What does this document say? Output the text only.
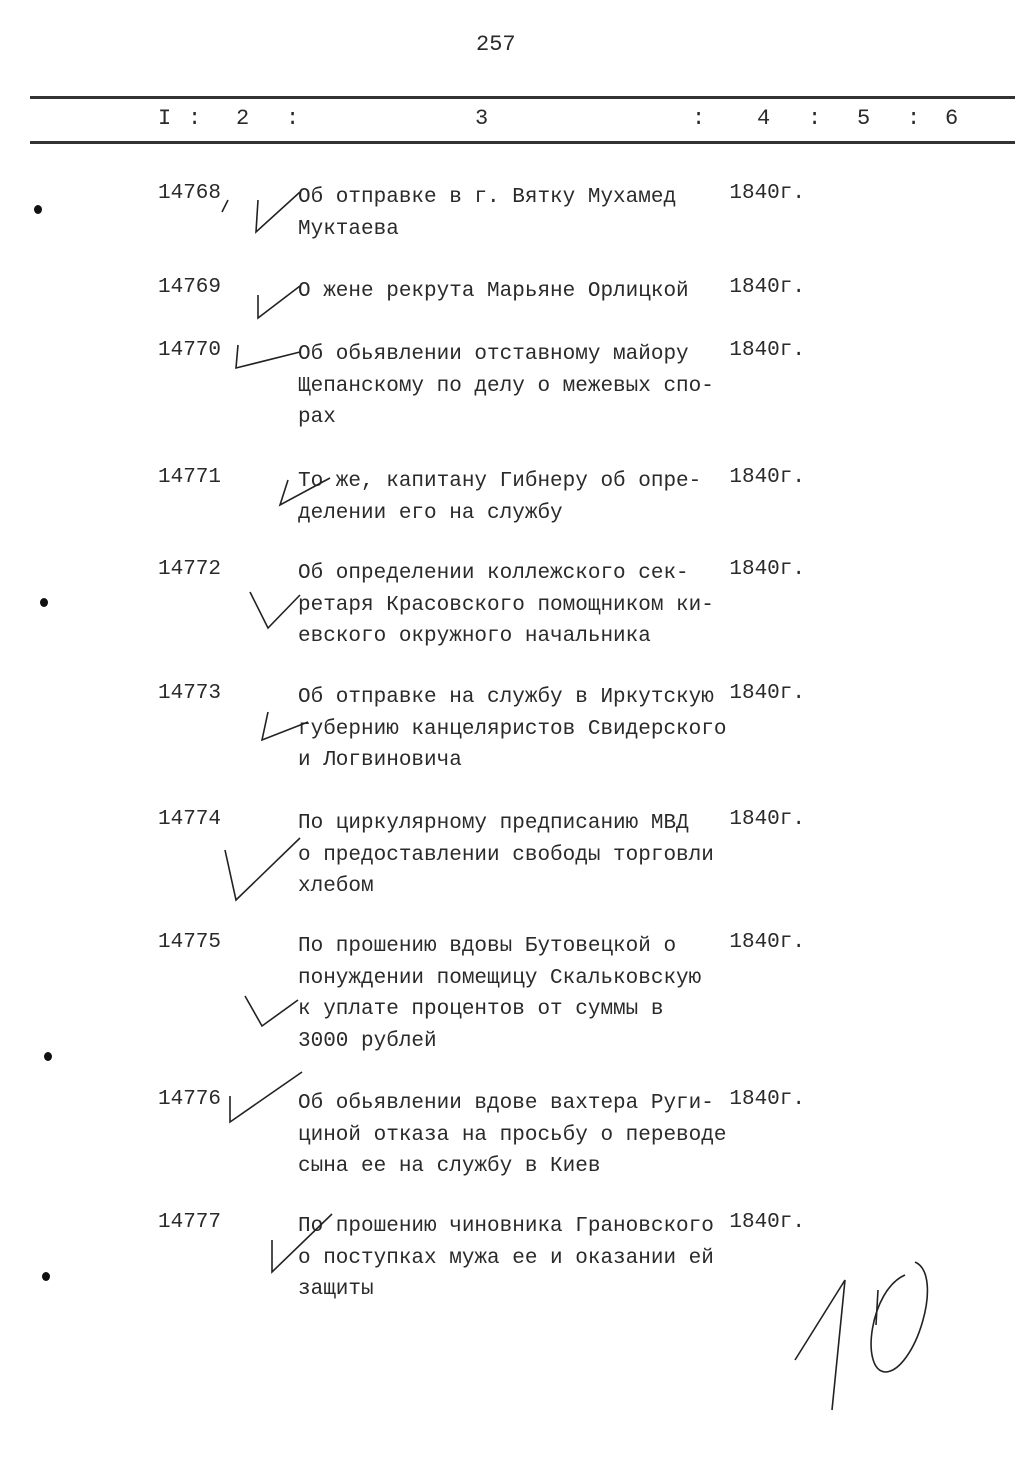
257
I : 2 :	3	: 4 : 5 : 6
14768	Об отправке в г. Вятку Мухамед
Муктаева
1840г.
14769	О жене рекрута Марьяне Орлицкой 1840г.
14770	Об обьявлении отставному майору
Щепанскому по делу о межевых спо-
рах
1840г.
14771	То же, капитану Гибнеру об опре-
делении его на службу
1840г.
14772	Об определении коллежского сек-
ретаря Красовского помощником ки-
евского окружного начальника
1840г.
14773	Об отправке на службу в Иркутскую
губернию канцеляристов Свидерского
и Логвиновича
1840г.
14774	По циркулярному предписанию МВД
о предоставлении свободы торговли
хлебом
1840г.
14775	По прошению вдовы Бутовецкой о
понуждении помещицу Скальковскую
к уплате процентов от суммы в
3000 рублей
1840г.
14776	Об обьявлении вдове вахтера Руги-
циной отказа на просьбу о переводе
сына ее на службу в Киев
1840г.
14777	По прошению чиновника Грановского
о поступках мужа ее и оказании ей
защиты
1840г.
